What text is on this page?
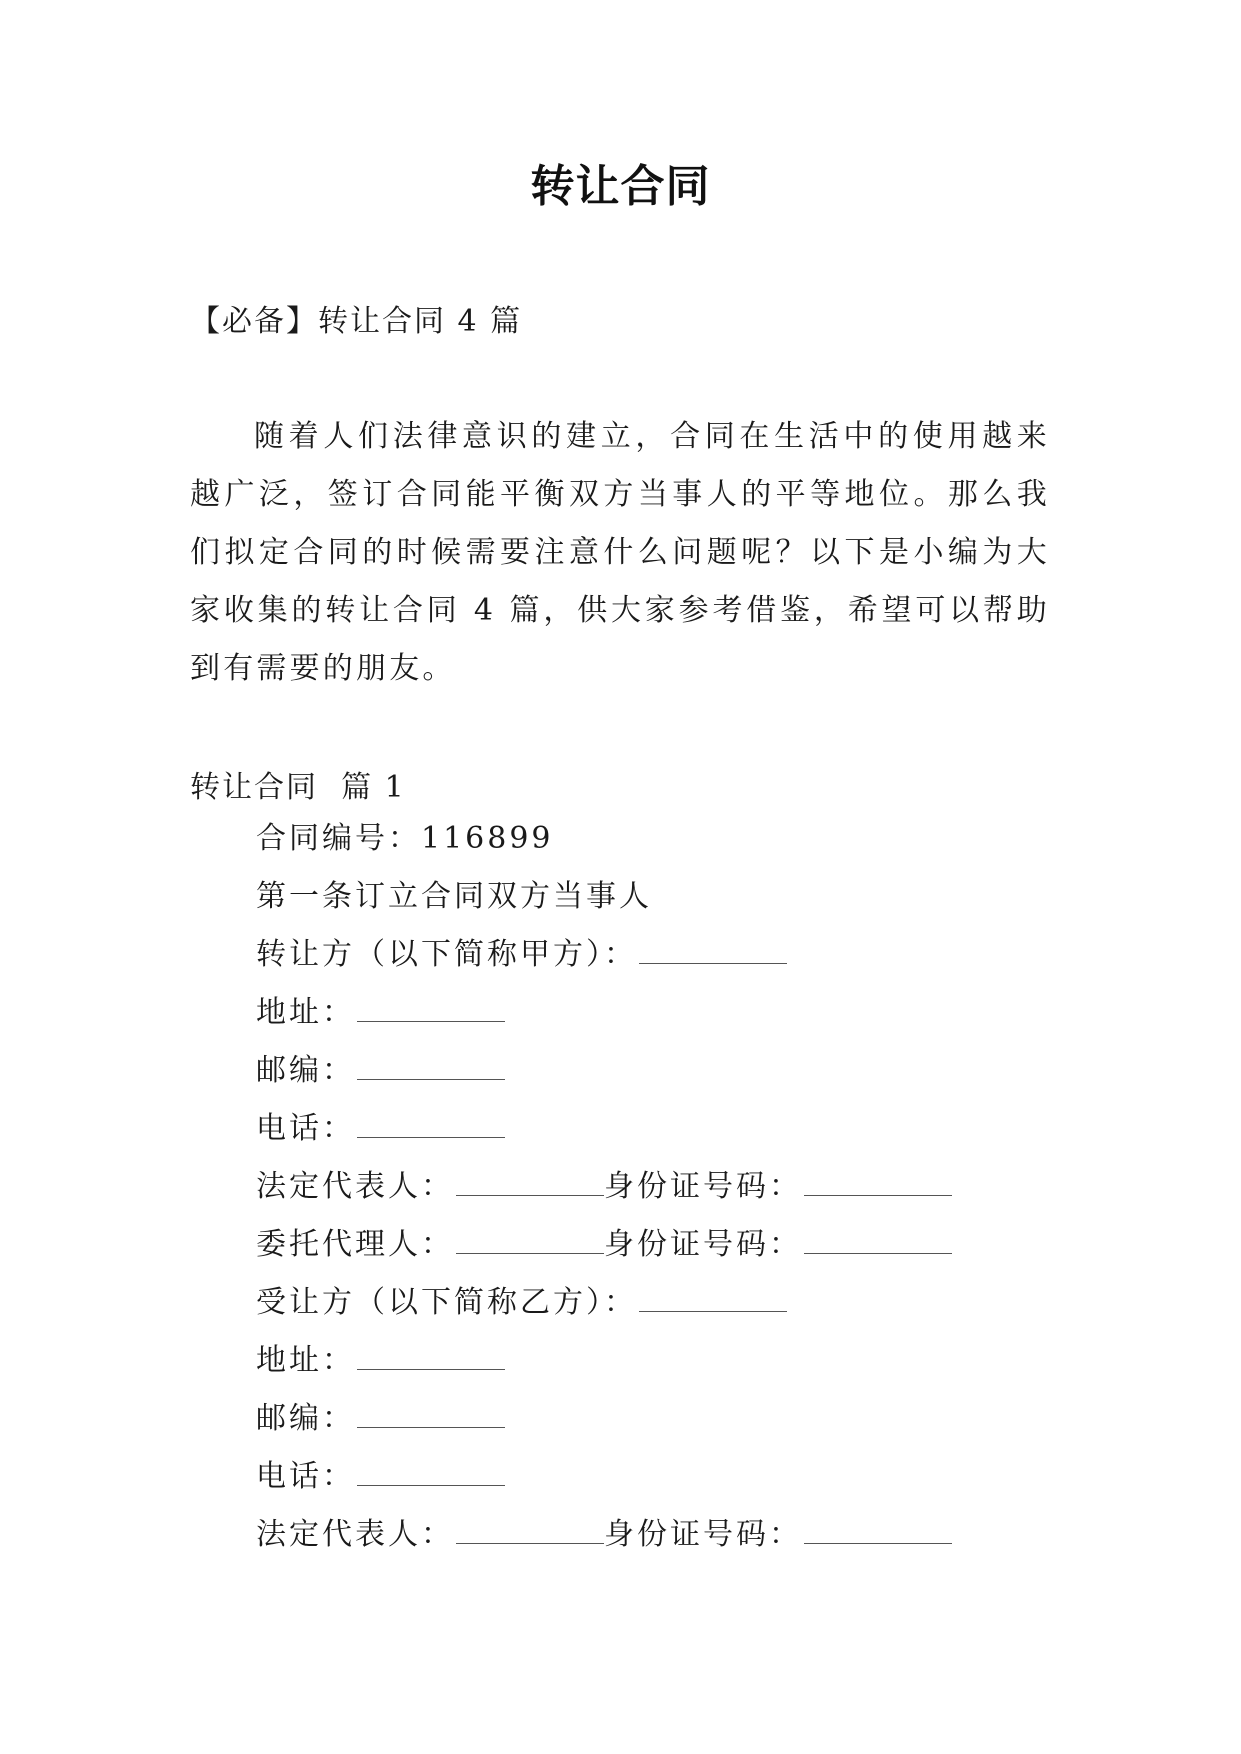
转让合同
【必备】转让合同 4 篇

随着人们法律意识的建立，合同在生活中的使用越来越广泛，签订合同能平衡双方当事人的平等地位。那么我们拟定合同的时候需要注意什么问题呢？以下是小编为大家收集的转让合同 4 篇，供大家参考借鉴，希望可以帮助到有需要的朋友。

转让合同  篇 1
合同编号：116899
第一条订立合同双方当事人
转让方（以下简称甲方）：
地址：
邮编：
电话：
法定代表人：	身份证号码：
委托代理人：	身份证号码：
受让方（以下简称乙方）：
地址：
邮编：
电话：
法定代表人：	身份证号码：
